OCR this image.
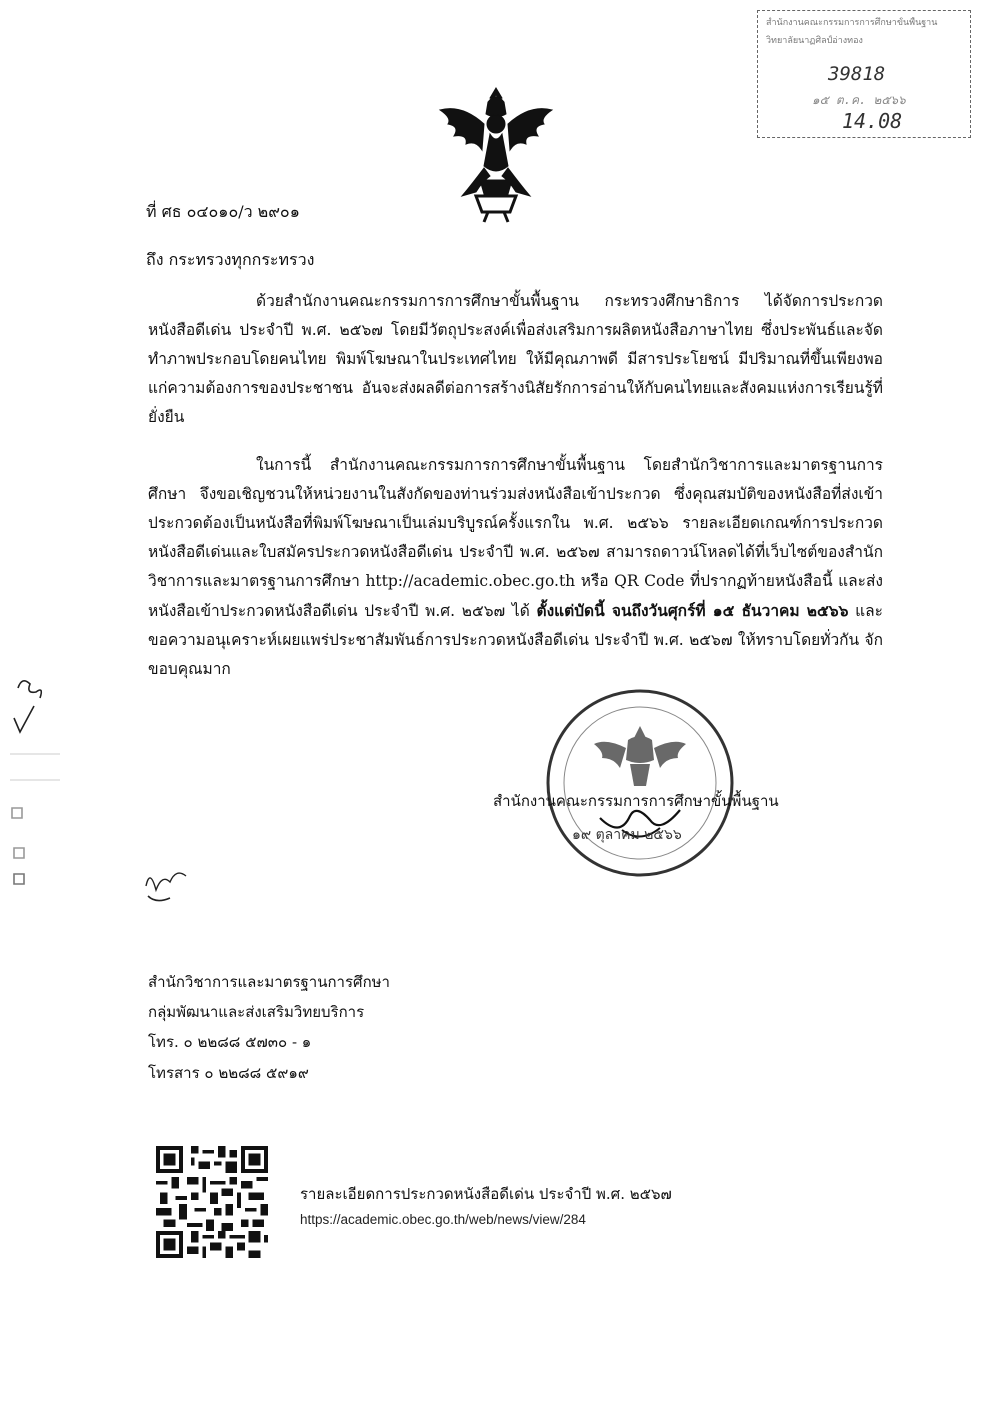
สำนักงานคณะกรรมการการศึกษาขั้นพื้นฐาน
วิทยาลัยนาฏศิลป์อ่างทอง
39818
๑๕ ต.ค. ๒๕๖๖
14.08
ที่ ศธ ๐๔๐๑๐/ว ๒๙๐๑
ถึง กระทรวงทุกกระทรวง

ด้วยสำนักงานคณะกรรมการการศึกษาขั้นพื้นฐาน กระทรวงศึกษาธิการ ได้จัดการประกวดหนังสือดีเด่น ประจำปี พ.ศ. ๒๕๖๗ โดยมีวัตถุประสงค์เพื่อส่งเสริมการผลิตหนังสือภาษาไทย ซึ่งประพันธ์และจัดทำภาพประกอบโดยคนไทย พิมพ์โฆษณาในประเทศไทย ให้มีคุณภาพดี มีสารประโยชน์ มีปริมาณที่ขึ้นเพียงพอแก่ความต้องการของประชาชน อันจะส่งผลดีต่อการสร้างนิสัยรักการอ่านให้กับคนไทยและสังคมแห่งการเรียนรู้ที่ยั่งยืน

ในการนี้ สำนักงานคณะกรรมการการศึกษาขั้นพื้นฐาน โดยสำนักวิชาการและมาตรฐานการศึกษา จึงขอเชิญชวนให้หน่วยงานในสังกัดของท่านร่วมส่งหนังสือเข้าประกวด ซึ่งคุณสมบัติของหนังสือที่ส่งเข้าประกวดต้องเป็นหนังสือที่พิมพ์โฆษณาเป็นเล่มบริบูรณ์ครั้งแรกใน พ.ศ. ๒๕๖๖ รายละเอียดเกณฑ์การประกวดหนังสือดีเด่นและใบสมัครประกวดหนังสือดีเด่น ประจำปี พ.ศ. ๒๕๖๗ สามารถดาวน์โหลดได้ที่เว็บไซต์ของสำนักวิชาการและมาตรฐานการศึกษา http://academic.obec.go.th หรือ QR Code ที่ปรากฏท้ายหนังสือนี้ และส่งหนังสือเข้าประกวดหนังสือดีเด่น ประจำปี พ.ศ. ๒๕๖๗ ได้ ตั้งแต่บัดนี้ จนถึงวันศุกร์ที่ ๑๕ ธันวาคม ๒๕๖๖ และขอความอนุเคราะห์เผยแพร่ประชาสัมพันธ์การประกวดหนังสือดีเด่น ประจำปี พ.ศ. ๒๕๖๗ ให้ทราบโดยทั่วกัน จักขอบคุณมาก

สำนักงานคณะกรรมการการศึกษาขั้นพื้นฐาน
๑๙ ตุลาคม ๒๕๖๖
สำนักวิชาการและมาตรฐานการศึกษา
กลุ่มพัฒนาและส่งเสริมวิทยบริการ
โทร. ๐ ๒๒๘๘ ๕๗๓๐ - ๑
โทรสาร ๐ ๒๒๘๘ ๕๙๑๙
รายละเอียดการประกวดหนังสือดีเด่น ประจำปี พ.ศ. ๒๕๖๗
https://academic.obec.go.th/web/news/view/284
